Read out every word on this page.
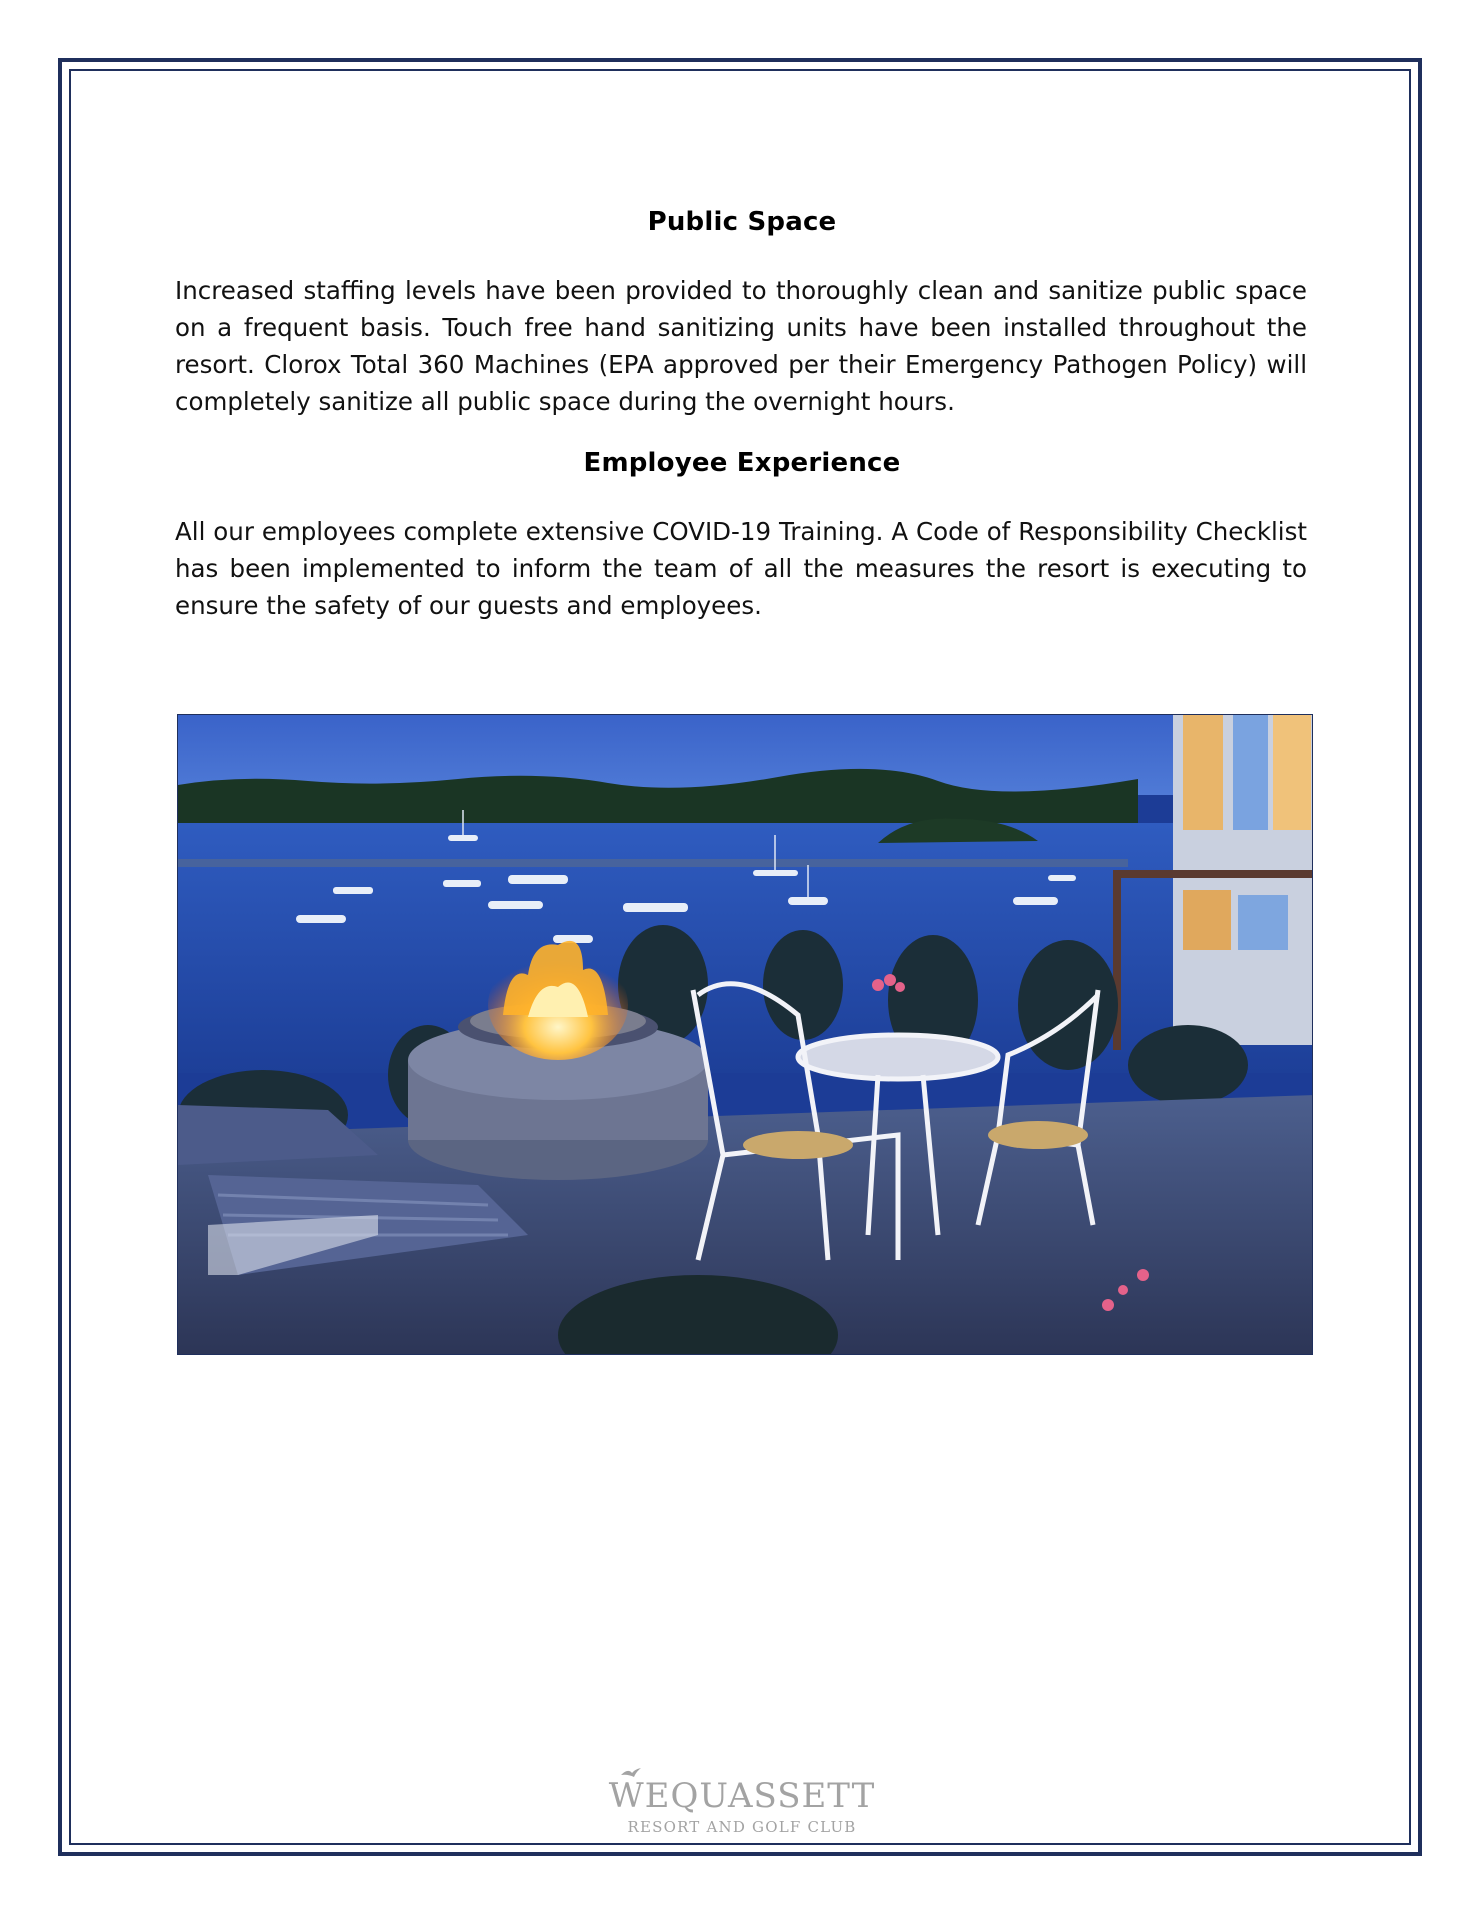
Public Space

Increased staffing levels have been provided to thoroughly clean and sanitize public space on a frequent basis. Touch free hand sanitizing units have been installed throughout the resort. Clorox Total 360 Machines (EPA approved per their Emergency Pathogen Policy) will completely sanitize all public space during the overnight hours.

Employee Experience

All our employees complete extensive COVID-19 Training. A Code of Responsibility Checklist has been implemented to inform the team of all the measures the resort is executing to ensure the safety of our guests and employees.

WEQUASSETT
RESORT AND GOLF CLUB
